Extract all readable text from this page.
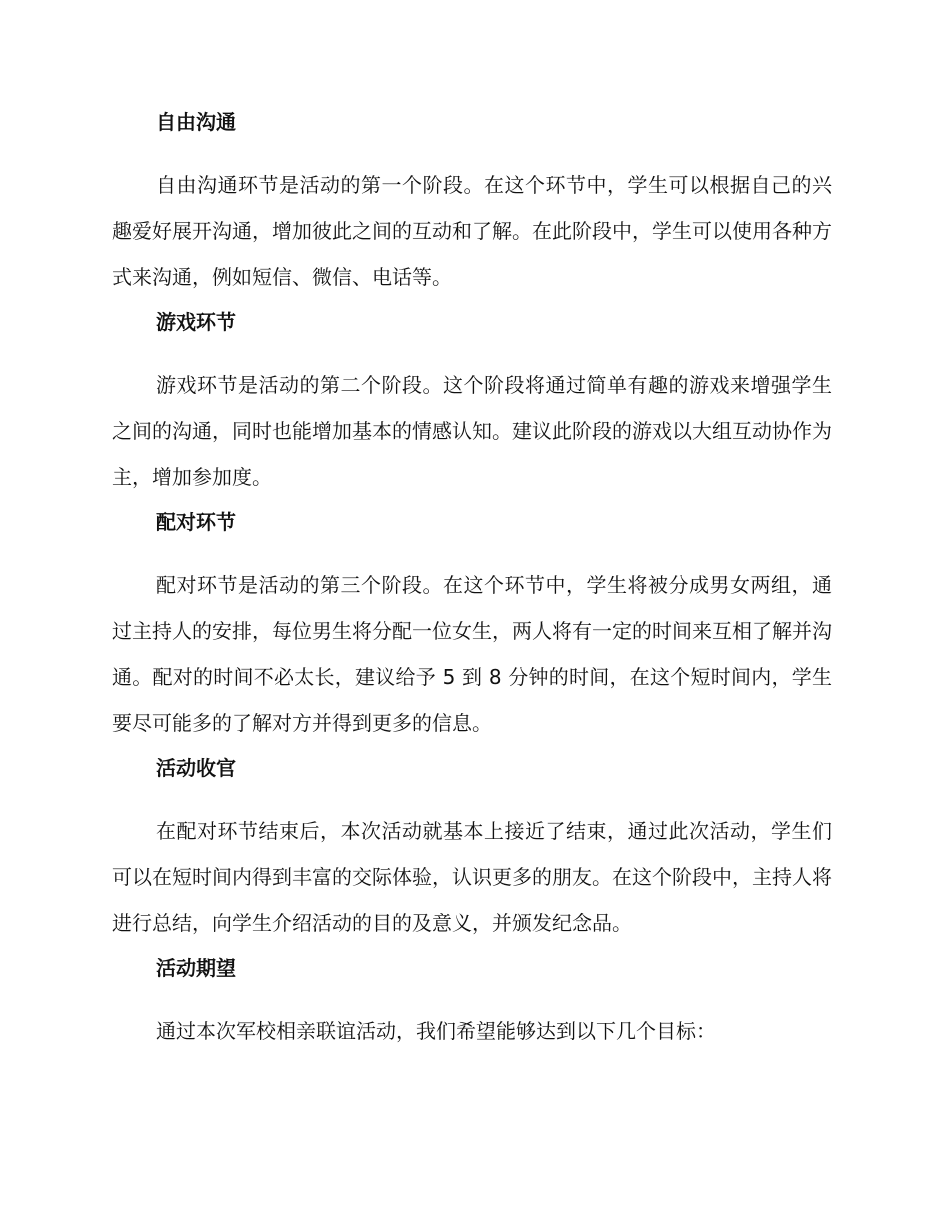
自由沟通
自由沟通环节是活动的第一个阶段。在这个环节中，学生可以根据自己的兴趣爱好展开沟通，增加彼此之间的互动和了解。在此阶段中，学生可以使用各种方式来沟通，例如短信、微信、电话等。
游戏环节
游戏环节是活动的第二个阶段。这个阶段将通过简单有趣的游戏来增强学生之间的沟通，同时也能增加基本的情感认知。建议此阶段的游戏以大组互动协作为主，增加参加度。
配对环节
配对环节是活动的第三个阶段。在这个环节中，学生将被分成男女两组，通过主持人的安排，每位男生将分配一位女生，两人将有一定的时间来互相了解并沟通。配对的时间不必太长，建议给予 5 到 8 分钟的时间，在这个短时间内，学生要尽可能多的了解对方并得到更多的信息。
活动收官
在配对环节结束后，本次活动就基本上接近了结束，通过此次活动，学生们可以在短时间内得到丰富的交际体验，认识更多的朋友。在这个阶段中，主持人将进行总结，向学生介绍活动的目的及意义，并颁发纪念品。
活动期望
通过本次军校相亲联谊活动，我们希望能够达到以下几个目标：
